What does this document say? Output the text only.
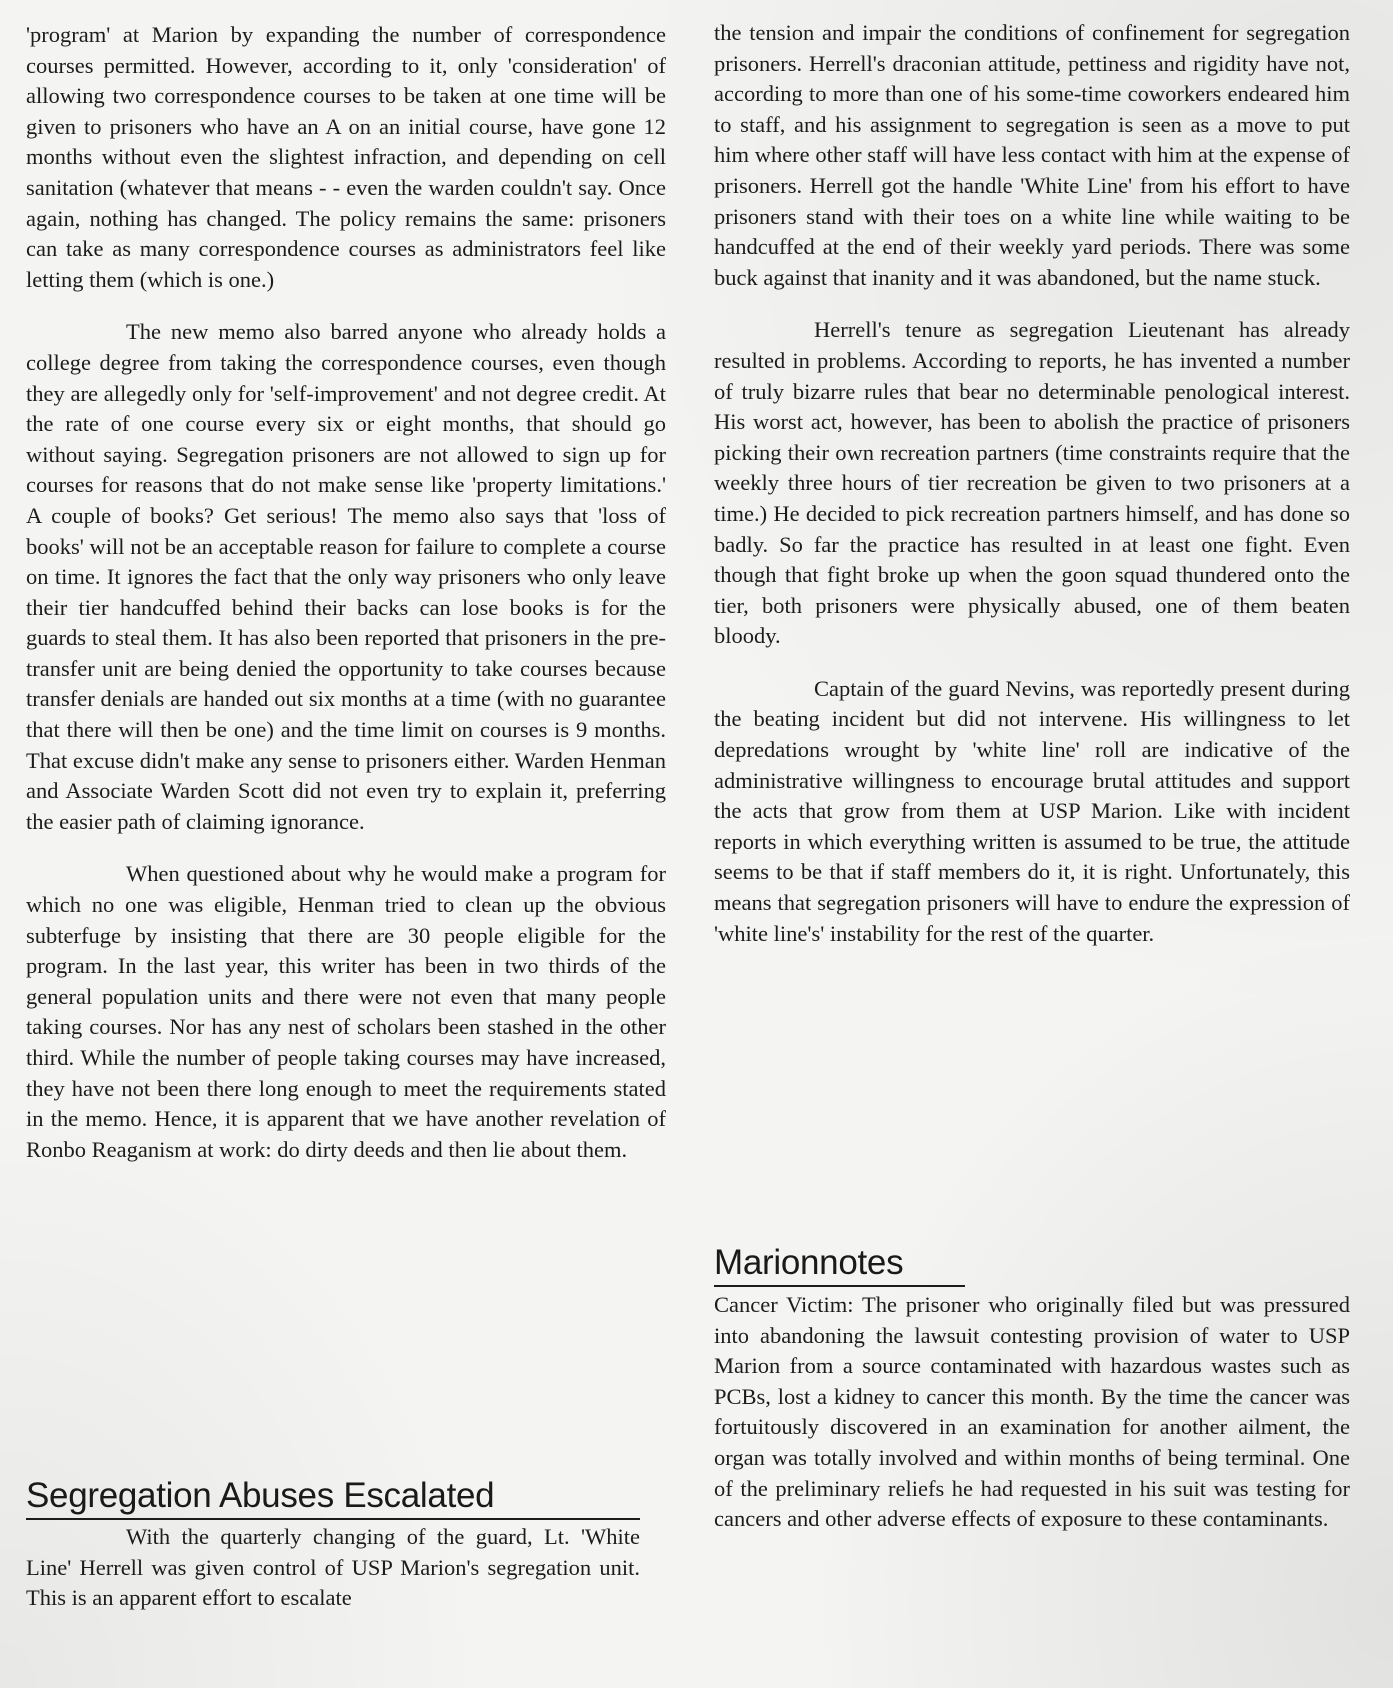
'program' at Marion by expanding the number of correspondence courses permitted. However, according to it, only 'consideration' of allowing two correspondence courses to be taken at one time will be given to prisoners who have an A on an initial course, have gone 12 months without even the slightest infraction, and depending on cell sanitation (whatever that means - - even the warden couldn't say. Once again, nothing has changed. The policy remains the same: prisoners can take as many correspondence courses as administrators feel like letting them (which is one.)

The new memo also barred anyone who already holds a college degree from taking the correspondence courses, even though they are allegedly only for 'self-improvement' and not degree credit. At the rate of one course every six or eight months, that should go without saying. Segregation prisoners are not allowed to sign up for courses for reasons that do not make sense like 'property limitations.' A couple of books? Get serious! The memo also says that 'loss of books' will not be an acceptable reason for failure to complete a course on time. It ignores the fact that the only way prisoners who only leave their tier handcuffed behind their backs can lose books is for the guards to steal them. It has also been reported that prisoners in the pre-transfer unit are being denied the opportunity to take courses because transfer denials are handed out six months at a time (with no guarantee that there will then be one) and the time limit on courses is 9 months. That excuse didn't make any sense to prisoners either. Warden Henman and Associate Warden Scott did not even try to explain it, preferring the easier path of claiming ignorance.

When questioned about why he would make a program for which no one was eligible, Henman tried to clean up the obvious subterfuge by insisting that there are 30 people eligible for the program. In the last year, this writer has been in two thirds of the general population units and there were not even that many people taking courses. Nor has any nest of scholars been stashed in the other third. While the number of people taking courses may have increased, they have not been there long enough to meet the requirements stated in the memo. Hence, it is apparent that we have another revelation of Ronbo Reaganism at work: do dirty deeds and then lie about them.

Segregation Abuses Escalated

With the quarterly changing of the guard, Lt. 'White Line' Herrell was given control of USP Marion's segregation unit. This is an apparent effort to escalate

the tension and impair the conditions of confinement for segregation prisoners. Herrell's draconian attitude, pettiness and rigidity have not, according to more than one of his some-time coworkers endeared him to staff, and his assignment to segregation is seen as a move to put him where other staff will have less contact with him at the expense of prisoners. Herrell got the handle 'White Line' from his effort to have prisoners stand with their toes on a white line while waiting to be handcuffed at the end of their weekly yard periods. There was some buck against that inanity and it was abandoned, but the name stuck.

Herrell's tenure as segregation Lieutenant has already resulted in problems. According to reports, he has invented a number of truly bizarre rules that bear no determinable penological interest. His worst act, however, has been to abolish the practice of prisoners picking their own recreation partners (time constraints require that the weekly three hours of tier recreation be given to two prisoners at a time.) He decided to pick recreation partners himself, and has done so badly. So far the practice has resulted in at least one fight. Even though that fight broke up when the goon squad thundered onto the tier, both prisoners were physically abused, one of them beaten bloody.

Captain of the guard Nevins, was reportedly present during the beating incident but did not intervene. His willingness to let depredations wrought by 'white line' roll are indicative of the administrative willingness to encourage brutal attitudes and support the acts that grow from them at USP Marion. Like with incident reports in which everything written is assumed to be true, the attitude seems to be that if staff members do it, it is right. Unfortunately, this means that segregation prisoners will have to endure the expression of 'white line's' instability for the rest of the quarter.

Marionnotes

Cancer Victim: The prisoner who originally filed but was pressured into abandoning the lawsuit contesting provision of water to USP Marion from a source contaminated with hazardous wastes such as PCBs, lost a kidney to cancer this month. By the time the cancer was fortuitously discovered in an examination for another ailment, the organ was totally involved and within months of being terminal. One of the preliminary reliefs he had requested in his suit was testing for cancers and other adverse effects of exposure to these contaminants.
